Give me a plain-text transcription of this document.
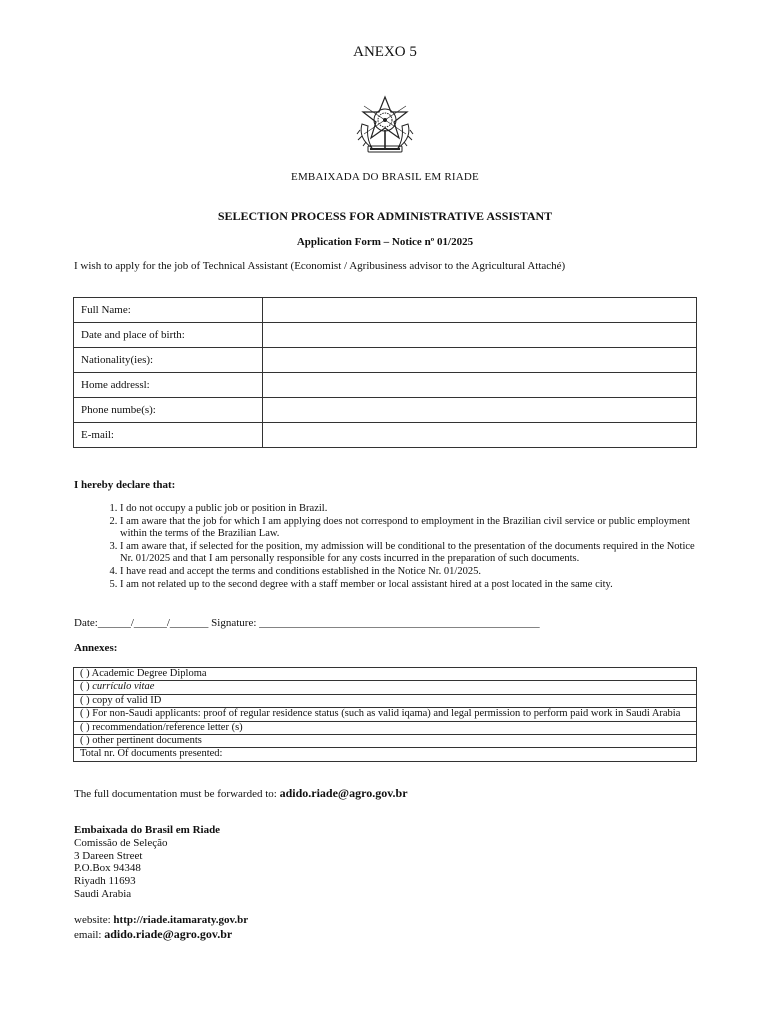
ANEXO 5
EMBAIXADA DO BRASIL EM RIADE
SELECTION PROCESS FOR ADMINISTRATIVE ASSISTANT
Application Form – Notice nº 01/2025
I wish to apply for the job of Technical Assistant (Economist / Agribusiness advisor to the Agricultural Attaché)
Full Name:	
Date and place of birth:	
Nationality(ies):	
Home addressl:	
Phone numbe(s):	
E-mail:	
I hereby declare that:
1. I do not occupy a public job or position in Brazil.
2. I am aware that the job for which I am applying does not correspond to employment in the Brazilian civil service or public employment within the terms of the Brazilian Law.
3. I am aware that, if selected for the position, my admission will be conditional to the presentation of the documents required in the Notice Nr. 01/2025 and that I am personally responsible for any costs incurred in the preparation of such documents.
4. I have read and accept the terms and conditions established in the Notice Nr. 01/2025.
5. I am not related up to the second degree with a staff member or local assistant hired at a post located in the same city.
Date:______/______/_______ Signature: ___________________________________________________
Annexes:
( ) Academic Degree Diploma
( ) currículo vitae
( ) copy of valid ID
( ) For non-Saudi applicants: proof of regular residence status (such as valid iqama) and legal permission to perform paid work in Saudi Arabia
( ) recommendation/reference letter (s)
( ) other pertinent documents
Total nr. Of documents presented:
The full documentation must be forwarded to: adido.riade@agro.gov.br
Embaixada do Brasil em Riade
Comissão de Seleção
3 Dareen Street
P.O.Box 94348
Riyadh 11693
Saudi Arabia
website: http://riade.itamaraty.gov.br
email: adido.riade@agro.gov.br
